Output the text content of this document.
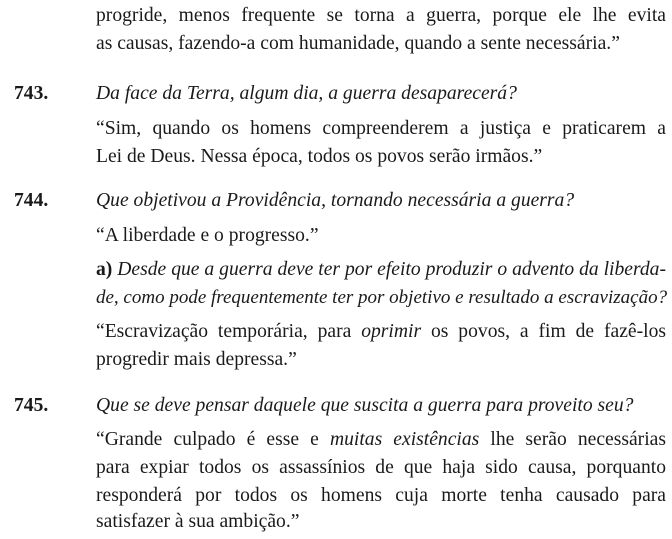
progride, menos frequente se torna a guerra, porque ele lhe evita
as causas, fazendo-a com humanidade, quando a sente necessária.”
743. Da face da Terra, algum dia, a guerra desaparecerá?
“Sim, quando os homens compreenderem a justiça e praticarem a
Lei de Deus. Nessa época, todos os povos serão irmãos.”
744. Que objetivou a Providência, tornando necessária a guerra?
“A liberdade e o progresso.”
a) Desde que a guerra deve ter por efeito produzir o advento da liberda-
de, como pode frequentemente ter por objetivo e resultado a escravização?
“Escravização temporária, para oprimir os povos, a fim de fazê-los
progredir mais depressa.”
745. Que se deve pensar daquele que suscita a guerra para proveito seu?
“Grande culpado é esse e muitas existências lhe serão necessárias
para expiar todos os assassínios de que haja sido causa, porquanto
responderá por todos os homens cuja morte tenha causado para
satisfazer à sua ambição.”
